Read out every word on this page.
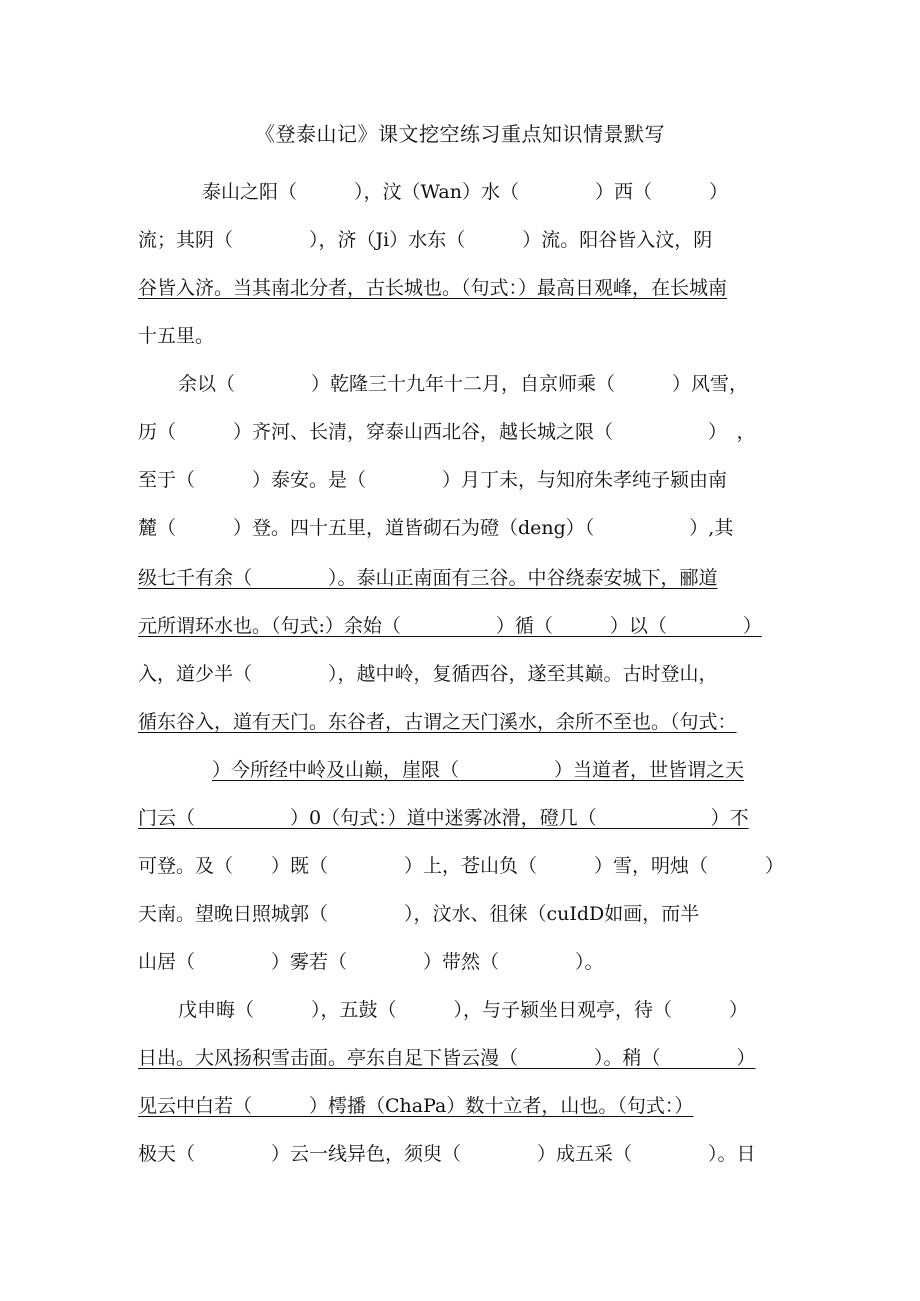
《登泰山记》课文挖空练习重点知识情景默写
泰山之阳（　　　），汶（Wan）水（　　　　）西（　　　）
流；其阴（　　　　），济（Ji）水东（　　　）流。阳谷皆入汶，阴
谷皆入济。当其南北分者，古长城也。（句式：）最高日观峰，在长城南
十五里。
余以（　　　　）乾隆三十九年十二月，自京师乘（　　　）风雪，
历（　　　）齐河、长清，穿泰山西北谷，越长城之限（　　　　　）　，
至于（　　　）泰安。是（　　　　）月丁未，与知府朱孝纯子颍由南
麓（　　　）登。四十五里，道皆砌石为磴（deng）（　　　　　）,其
级七千有余（　　　　）。泰山正南面有三谷。中谷绕泰安城下，郦道
元所谓环水也。（句式:）余始（　　　　　）循（　　　）以（　　　　）
入，道少半（　　　　），越中岭，复循西谷，遂至其巅。古时登山，
循东谷入，道有天门。东谷者，古谓之天门溪水，余所不至也。（句式：
）今所经中岭及山巅，崖限（　　　　　）当道者，世皆谓之天
门云（　　　　　）0（句式：）道中迷雾冰滑，磴几（　　　　　　）不
可登。及（　　）既（　　　　）上，苍山负（　　　）雪，明烛（　　　）
天南。望晚日照城郭（　　　　），汶水、徂徕（cuIdD如画，而半
山居（　　　　）雾若（　　　　）带然（　　　　）。
戊申晦（　　　），五鼓（　　　），与子颍坐日观亭，待（　　　）
日出。大风扬积雪击面。亭东自足下皆云漫（　　　　）。稍（　　　　）
见云中白若（　　　）樗播（ChaPa）数十立者，山也。（句式：）
极天（　　　　）云一线异色，须臾（　　　　）成五采（　　　　）。日
